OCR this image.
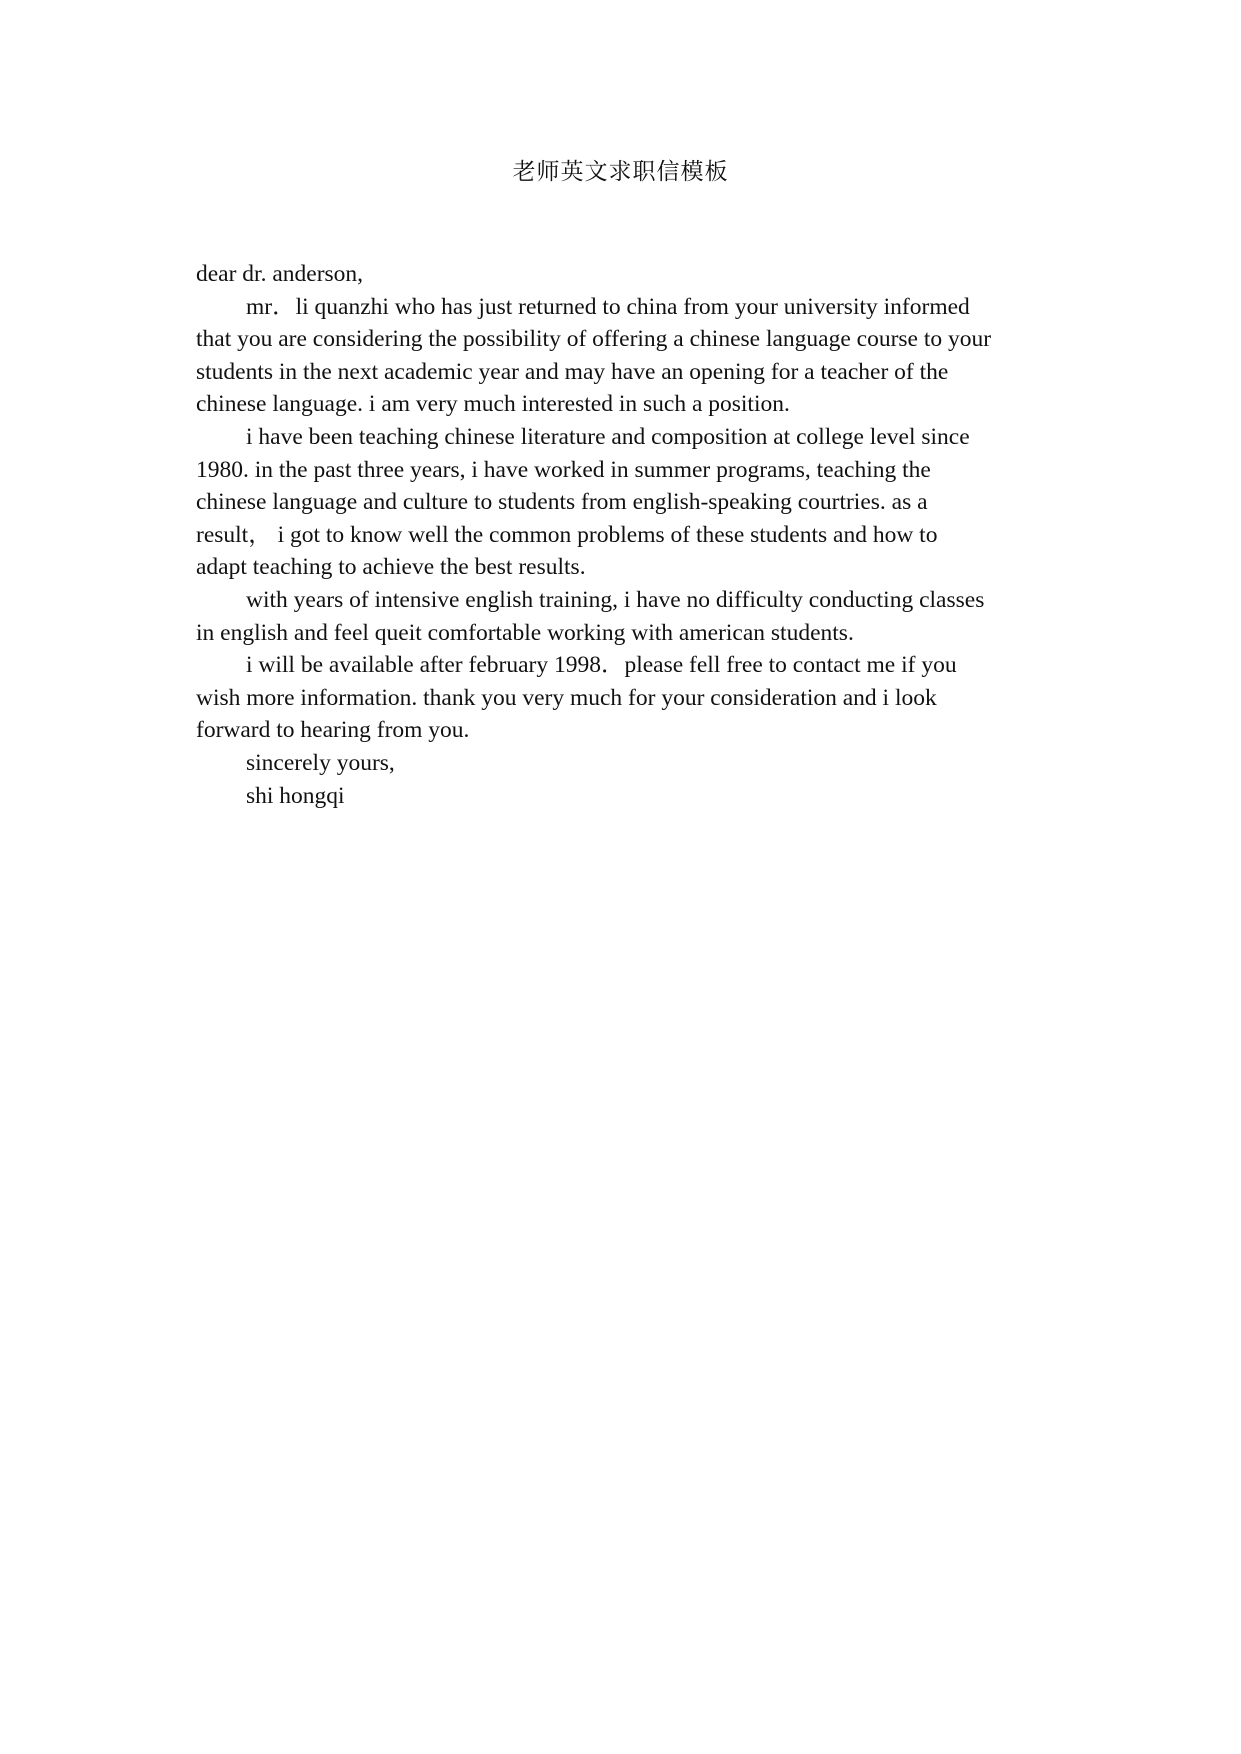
老师英文求职信模板
dear dr. anderson,
mr．li quanzhi who has just returned to china from your university informed
that you are considering the possibility of offering a chinese language course to your
students in the next academic year and may have an opening for a teacher of the
chinese language. i am very much interested in such a position.
i have been teaching chinese literature and composition at college level since
1980. in the past three years, i have worked in summer programs, teaching the
chinese language and culture to students from english-speaking courtries. as a
result， i got to know well the common problems of these students and how to
adapt teaching to achieve the best results.
with years of intensive english training, i have no difficulty conducting classes
in english and feel queit comfortable working with american students.
i will be available after february 1998．please fell free to contact me if you
wish more information. thank you very much for your consideration and i look
forward to hearing from you.
sincerely yours,
shi hongqi
